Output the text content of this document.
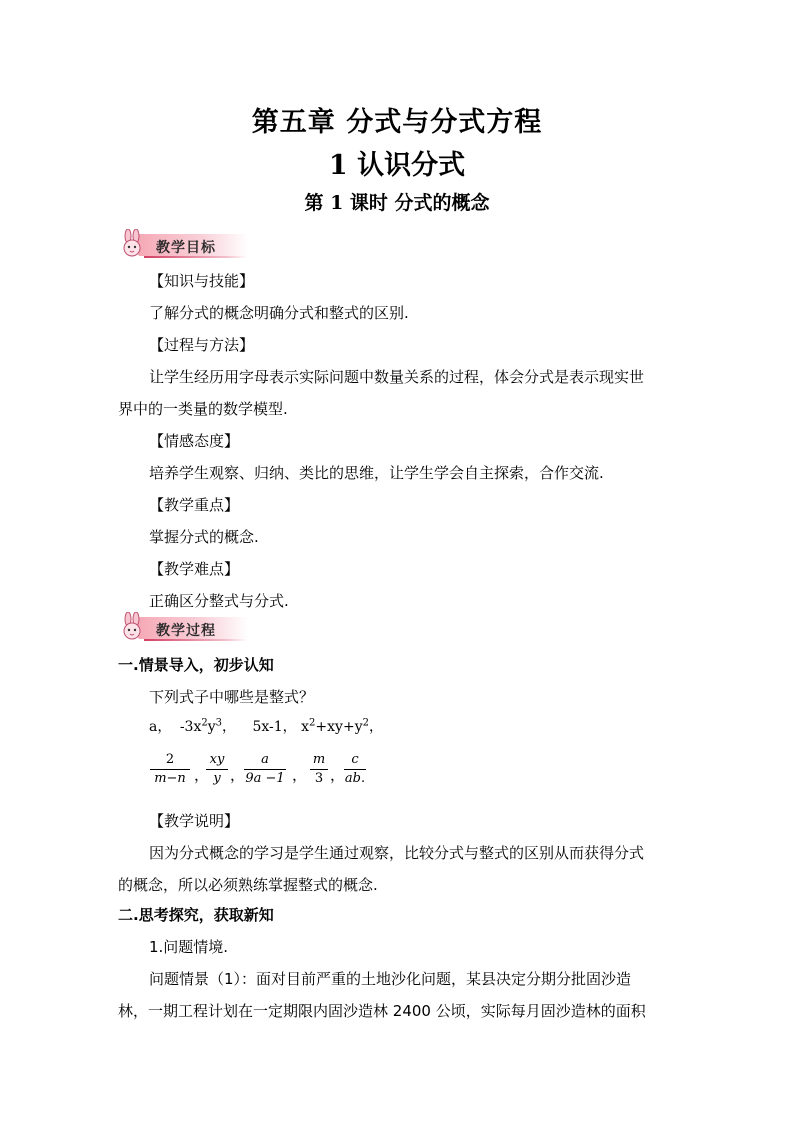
第五章 分式与分式方程
1 认识分式
第 1 课时 分式的概念
教学目标
【知识与技能】
了解分式的概念明确分式和整式的区别.
【过程与方法】
让学生经历用字母表示实际问题中数量关系的过程，体会分式是表示现实世
界中的一类量的数学模型.
【情感态度】
培养学生观察、归纳、类比的思维，让学生学会自主探索，合作交流.
【教学重点】
掌握分式的概念.
【教学难点】
正确区分整式与分式.
教学过程
一.情景导入，初步认知
下列式子中哪些是整式？
a， $-3x^2y^3$， 5x-1， $x^2+xy+y^2$，
2
m−n ，
xy
y ，
a
9a −1 ，
m
3 ，
c
ab.
【教学说明】
因为分式概念的学习是学生通过观察，比较分式与整式的区别从而获得分式
的概念，所以必须熟练掌握整式的概念.
二.思考探究，获取新知
1.问题情境.
问题情景（1）：面对目前严重的土地沙化问题，某县决定分期分批固沙造
林，一期工程计划在一定期限内固沙造林 2400 公顷，实际每月固沙造林的面积
